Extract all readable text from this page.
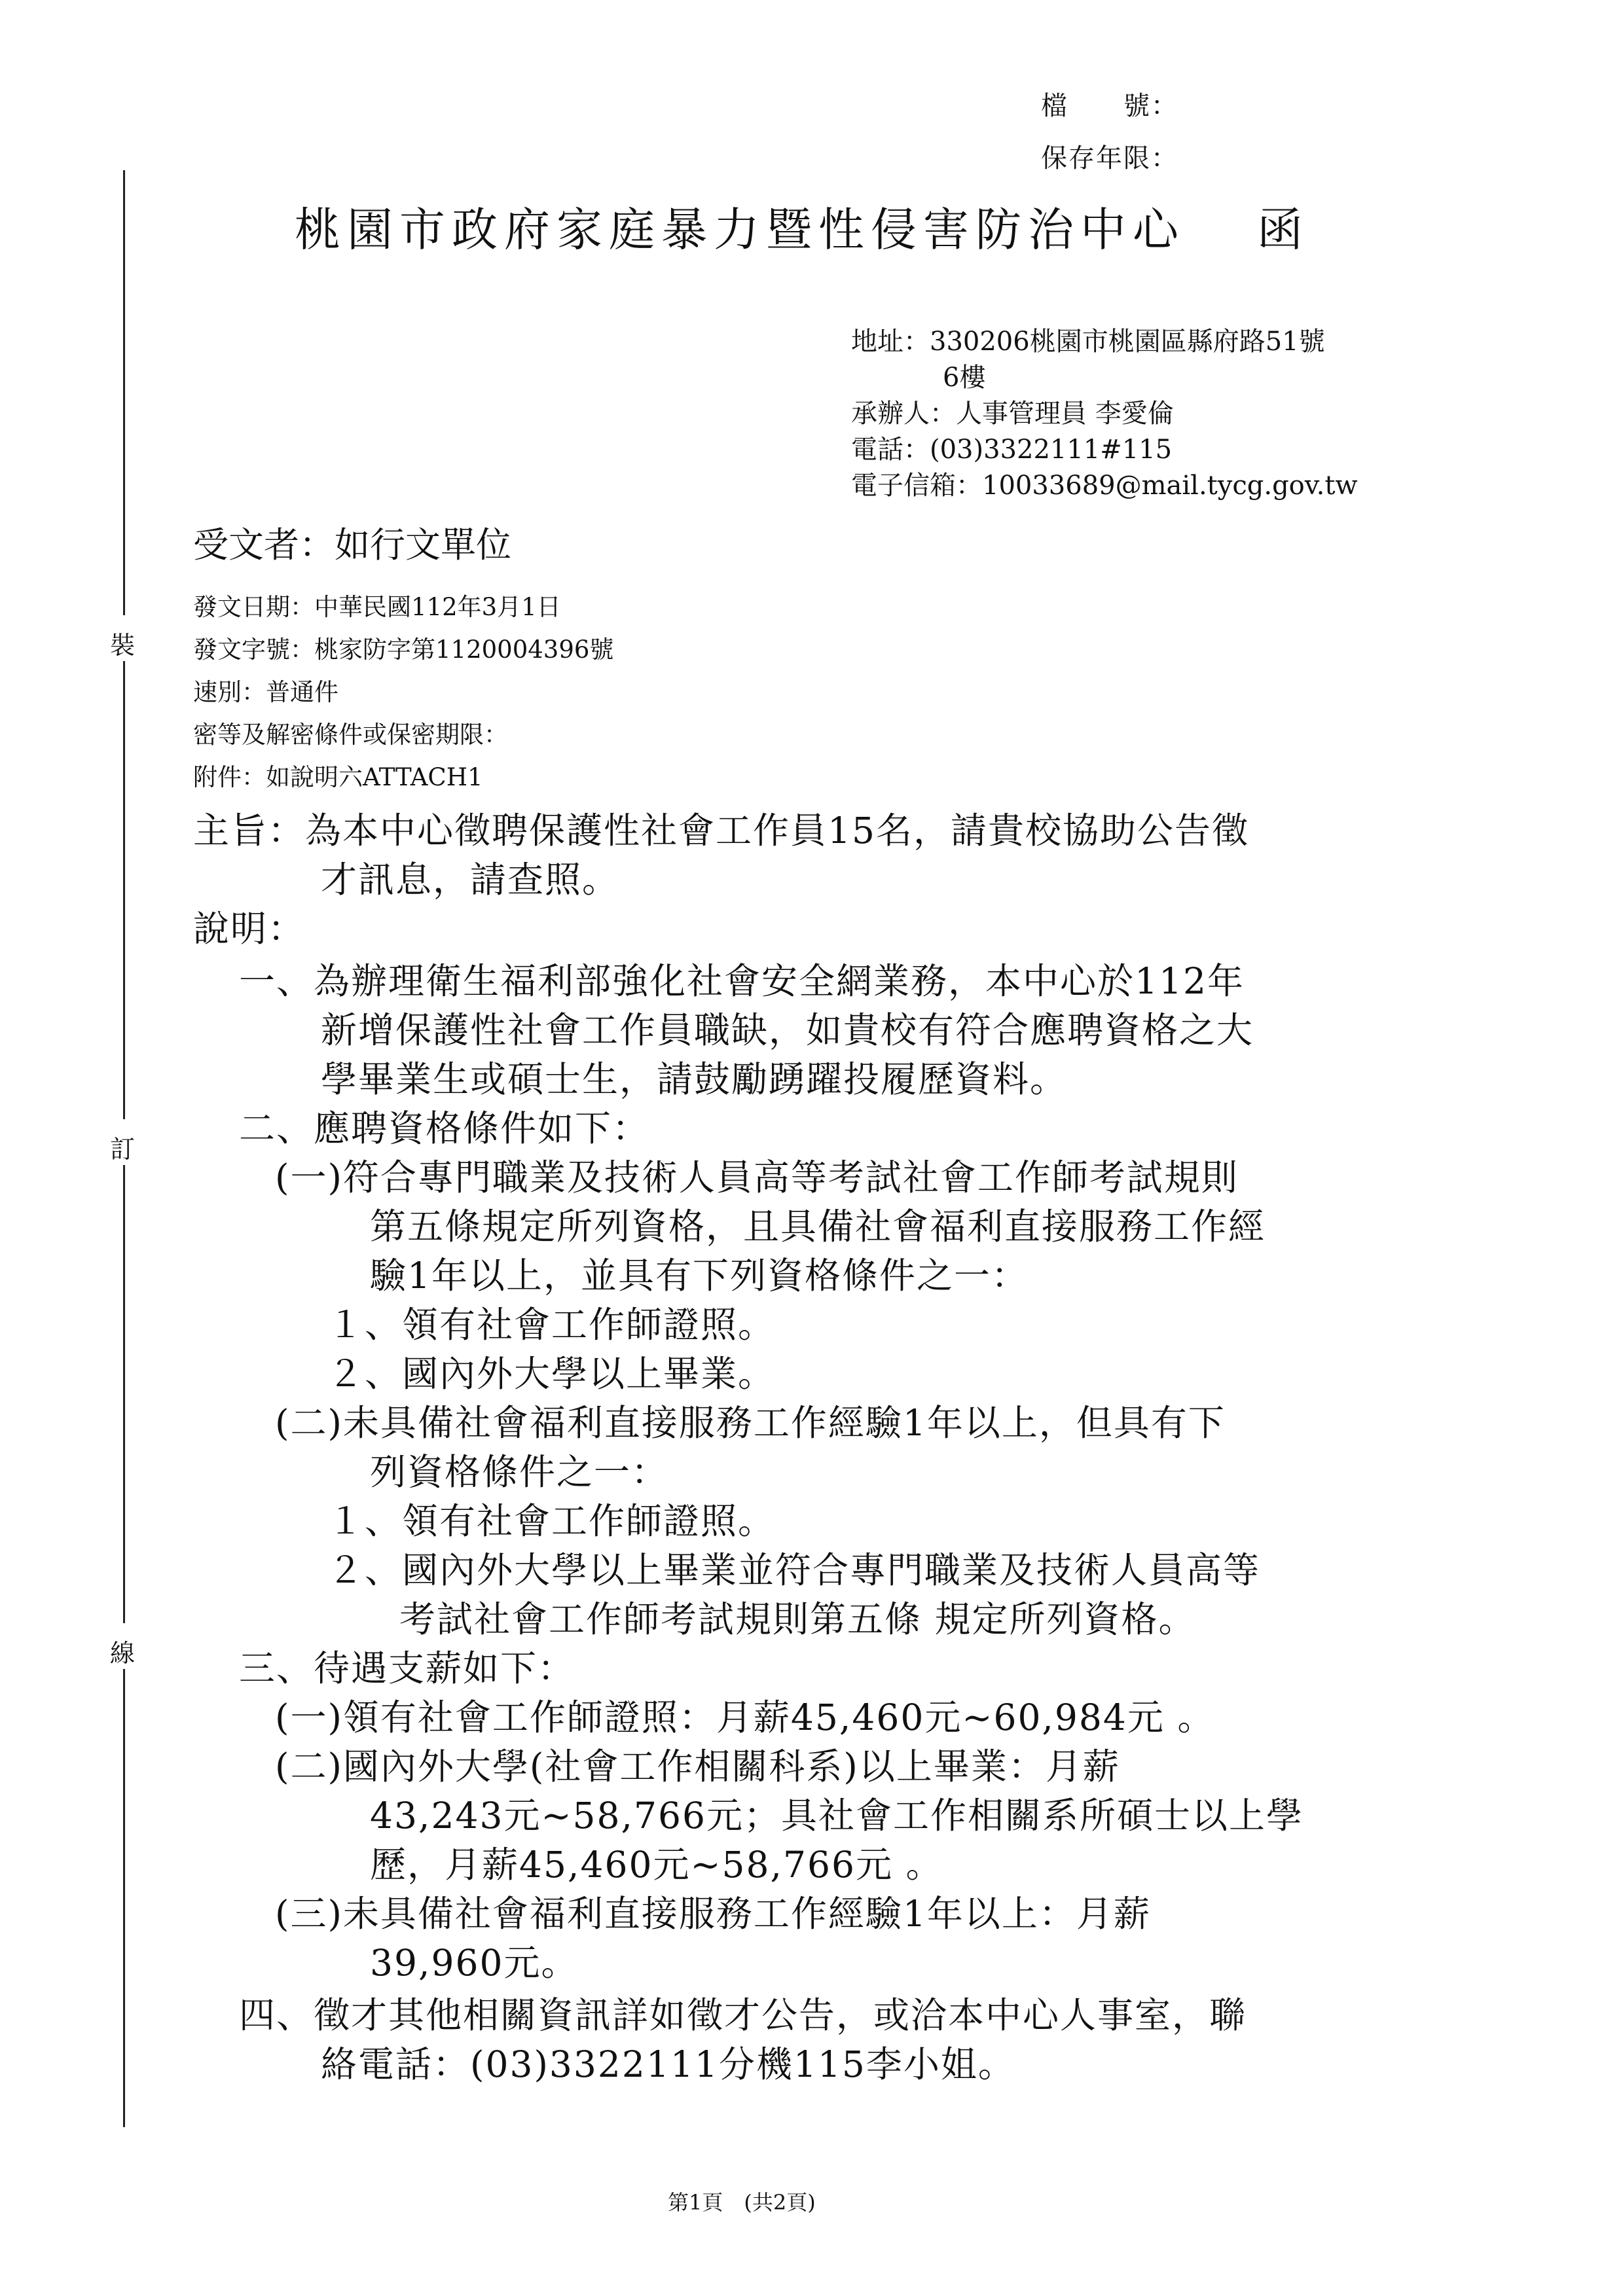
裝
訂
線
檔　　號：
保存年限：
桃園市政府家庭暴力暨性侵害防治中心 函
地址：330206桃園市桃園區縣府路51號
6樓
承辦人：人事管理員 李愛倫
電話：(03)3322111#115
電子信箱：10033689@mail.tycg.gov.tw
受文者：如行文單位
發文日期：中華民國112年3月1日
發文字號：桃家防字第1120004396號
速別：普通件
密等及解密條件或保密期限：
附件：如說明六ATTACH1
主旨：為本中心徵聘保護性社會工作員15名，請貴校協助公告徵
才訊息，請查照。
說明：
一、為辦理衛生福利部強化社會安全網業務，本中心於112年
新增保護性社會工作員職缺，如貴校有符合應聘資格之大
學畢業生或碩士生，請鼓勵踴躍投履歷資料。
二、應聘資格條件如下：
(一)符合專門職業及技術人員高等考試社會工作師考試規則
第五條規定所列資格，且具備社會福利直接服務工作經
驗1年以上，並具有下列資格條件之一：
１、領有社會工作師證照。
２、國內外大學以上畢業。
(二)未具備社會福利直接服務工作經驗1年以上，但具有下
列資格條件之一：
１、領有社會工作師證照。
２、國內外大學以上畢業並符合專門職業及技術人員高等
考試社會工作師考試規則第五條 規定所列資格。
三、待遇支薪如下：
(一)領有社會工作師證照：月薪45,460元~60,984元 。
(二)國內外大學(社會工作相關科系)以上畢業：月薪
43,243元~58,766元；具社會工作相關系所碩士以上學
歷，月薪45,460元~58,766元 。
(三)未具備社會福利直接服務工作經驗1年以上：月薪
39,960元。
四、徵才其他相關資訊詳如徵才公告，或洽本中心人事室，聯
絡電話：(03)3322111分機115李小姐。
第1頁　(共2頁)
